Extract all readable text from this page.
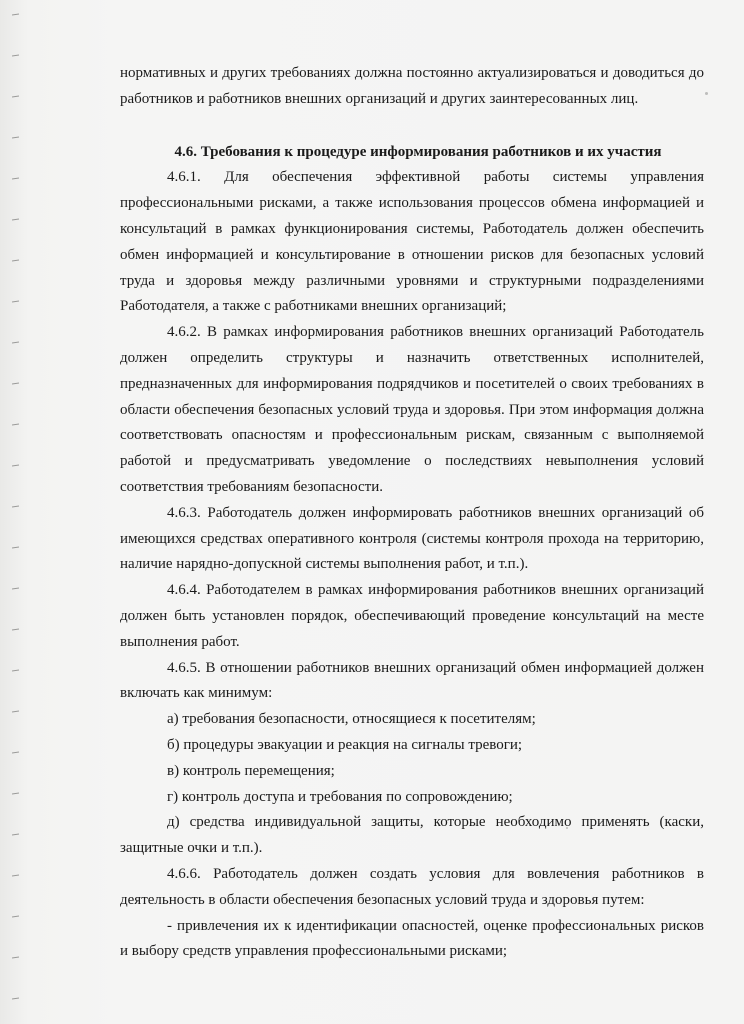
нормативных и других требованиях должна постоянно актуализироваться и доводиться до работников и работников внешних организаций и других заинтересованных лиц.

4.6. Требования к процедуре информирования работников и их участия

4.6.1. Для обеспечения эффективной работы системы управления профессиональными рисками, а также использования процессов обмена информацией и консультаций в рамках функционирования системы, Работодатель должен обеспечить обмен информацией и консультирование в отношении рисков для безопасных условий труда и здоровья между различными уровнями и структурными подразделениями Работодателя, а также с работниками внешних организаций;

4.6.2. В рамках информирования работников внешних организаций Работодатель должен определить структуры и назначить ответственных исполнителей, предназначенных для информирования подрядчиков и посетителей о своих требованиях в области обеспечения безопасных условий труда и здоровья. При этом информация должна соответствовать опасностям и профессиональным рискам, связанным с выполняемой работой и предусматривать уведомление о последствиях невыполнения условий соответствия требованиям безопасности.

4.6.3. Работодатель должен информировать работников внешних организаций об имеющихся средствах оперативного контроля (системы контроля прохода на территорию, наличие нарядно-допускной системы выполнения работ, и т.п.).

4.6.4. Работодателем в рамках информирования работников внешних организаций должен быть установлен порядок, обеспечивающий проведение консультаций на месте выполнения работ.

4.6.5. В отношении работников внешних организаций обмен информацией должен включать как минимум:

а) требования безопасности, относящиеся к посетителям;

б) процедуры эвакуации и реакция на сигналы тревоги;

в) контроль перемещения;

г) контроль доступа и требования по сопровождению;

д) средства индивидуальной защиты, которые необходимо применять (каски, защитные очки и т.п.).

4.6.6. Работодатель должен создать условия для вовлечения работников в деятельность в области обеспечения безопасных условий труда и здоровья путем:

- привлечения их к идентификации опасностей, оценке профессиональных рисков и выбору средств управления профессиональными рисками;
